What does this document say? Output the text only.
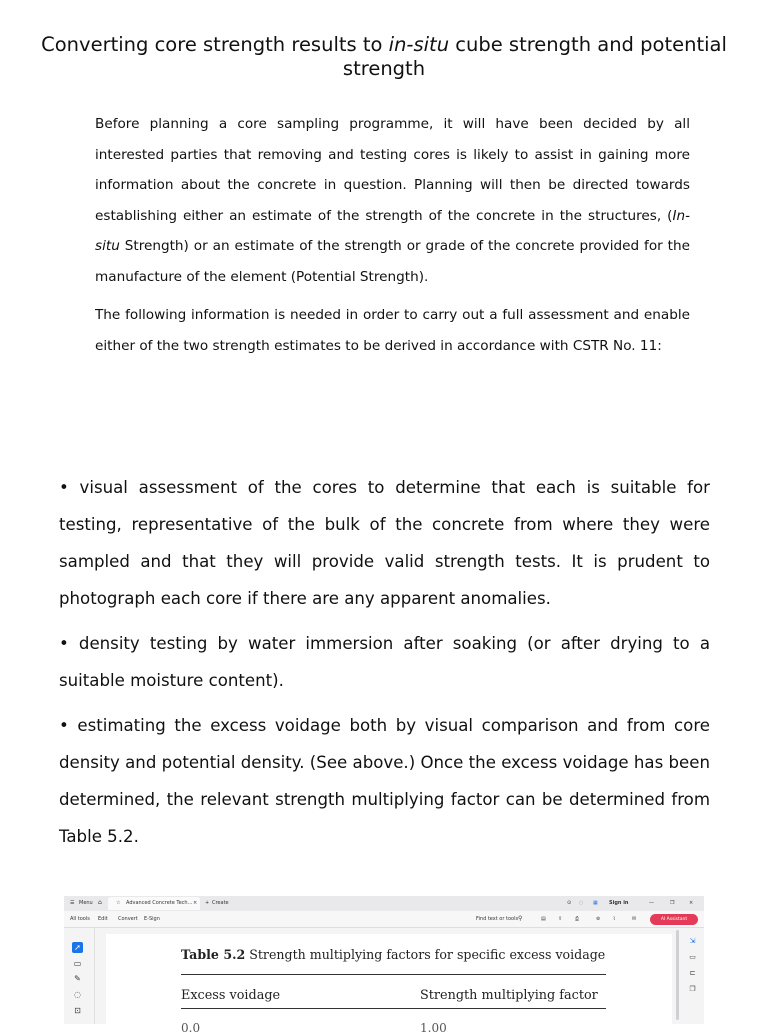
Converting core strength results to in-situ cube strength and potential strength

Before planning a core sampling programme, it will have been decided by all interested parties that removing and testing cores is likely to assist in gaining more information about the concrete in question. Planning will then be directed towards establishing either an estimate of the strength of the concrete in the structures, (In-situ Strength) or an estimate of the strength or grade of the concrete provided for the manufacture of the element (Potential Strength).

The following information is needed in order to carry out a full assessment and enable either of the two strength estimates to be derived in accordance with CSTR No. 11:

• visual assessment of the cores to determine that each is suitable for testing, representative of the bulk of the concrete from where they were sampled and that they will provide valid strength tests. It is prudent to photograph each core if there are any apparent anomalies.

• density testing by water immersion after soaking (or after drying to a suitable moisture content).

• estimating the excess voidage both by visual comparison and from core density and potential density. (See above.) Once the excess voidage has been determined, the relevant strength multiplying factor can be determined from Table 5.2.

☰ Menu ⌂	☆ Advanced Concrete Tech... × + Create	⊙ ○ ▦ Sign in	—	❐	×
All tools Edit Convert E-Sign	Find text or tools ⚲	▤ ⇪	⎙	⊚	⌇	✉	AI Assistant
➚
▭
✎
◌
⊡
Table 5.2 Strength multiplying factors for specific excess voidage
Excess voidage	Strength multiplying factor
0.0	1.00
⇲
▭
⊏
❐
